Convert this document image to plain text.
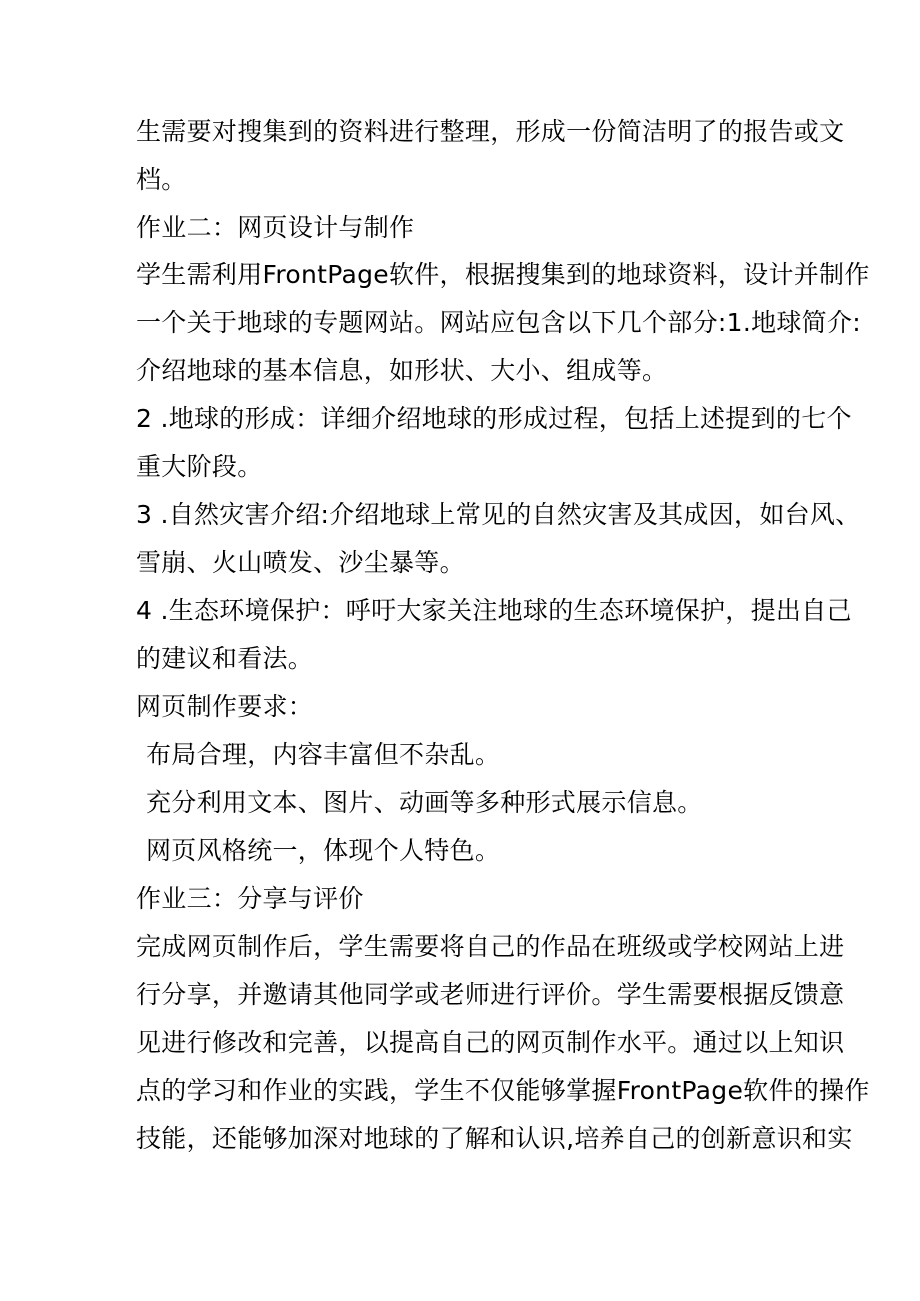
生需要对搜集到的资料进行整理，形成一份简洁明了的报告或文
档。
作业二：网页设计与制作
学生需利用FrontPage软件，根据搜集到的地球资料，设计并制作
一个关于地球的专题网站。网站应包含以下几个部分:1.地球简介:
介绍地球的基本信息，如形状、大小、组成等。
2 .地球的形成：详细介绍地球的形成过程，包括上述提到的七个
重大阶段。
3 .自然灾害介绍:介绍地球上常见的自然灾害及其成因，如台风、
雪崩、火山喷发、沙尘暴等。
4 .生态环境保护：呼吁大家关注地球的生态环境保护，提出自己
的建议和看法。
网页制作要求：
布局合理，内容丰富但不杂乱。
充分利用文本、图片、动画等多种形式展示信息。
网页风格统一，体现个人特色。
作业三：分享与评价
完成网页制作后，学生需要将自己的作品在班级或学校网站上进
行分享，并邀请其他同学或老师进行评价。学生需要根据反馈意
见进行修改和完善，以提高自己的网页制作水平。通过以上知识
点的学习和作业的实践，学生不仅能够掌握FrontPage软件的操作
技能，还能够加深对地球的了解和认识,培养自己的创新意识和实
